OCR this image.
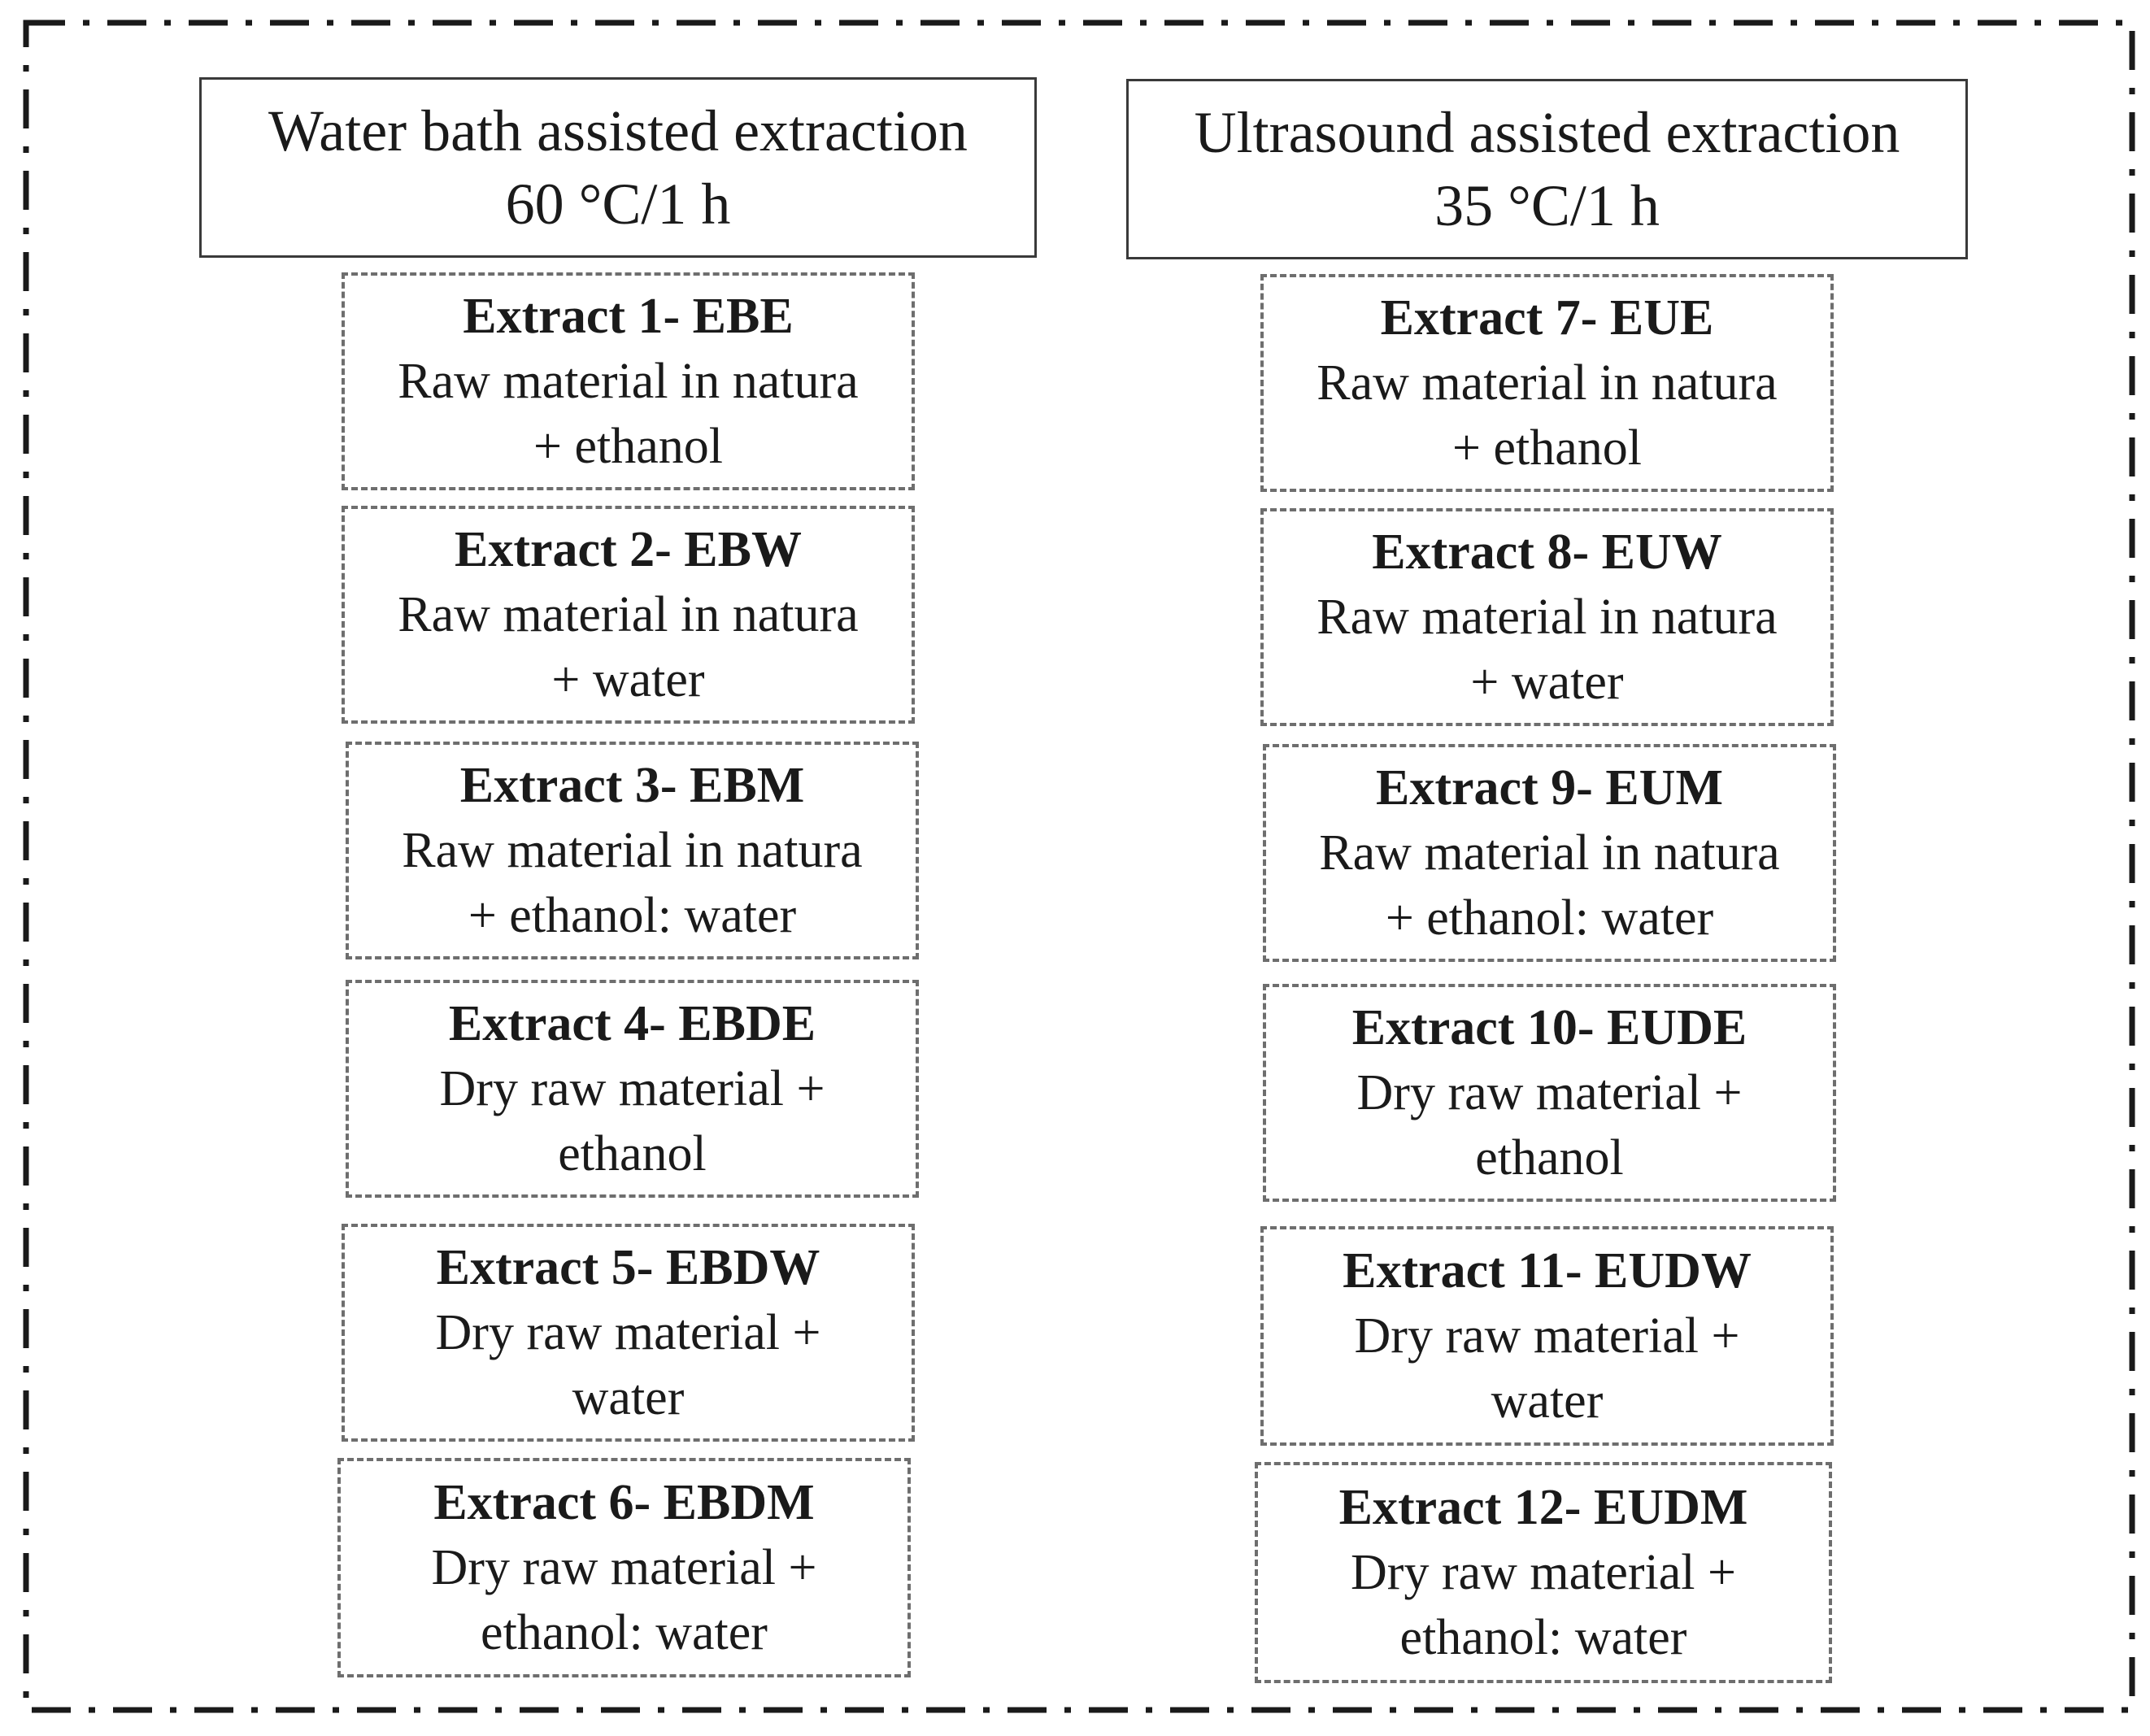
Water bath assisted extraction
60 °C/1 h
Extract 1- EBE
Raw material in natura
+ ethanol
Extract 2- EBW
Raw material in natura
+ water
Extract 3- EBM
Raw material in natura
+ ethanol: water
Extract 4- EBDE
Dry raw material +
ethanol
Extract 5- EBDW
Dry raw material +
water
Extract 6- EBDM
Dry raw material +
ethanol: water
Ultrasound assisted extraction
35 °C/1 h
Extract 7- EUE
Raw material in natura
+ ethanol
Extract 8- EUW
Raw material in natura
+ water
Extract 9- EUM
Raw material in natura
+ ethanol: water
Extract 10- EUDE
Dry raw material +
ethanol
Extract 11- EUDW
Dry raw material +
water
Extract 12- EUDM
Dry raw material +
ethanol: water
